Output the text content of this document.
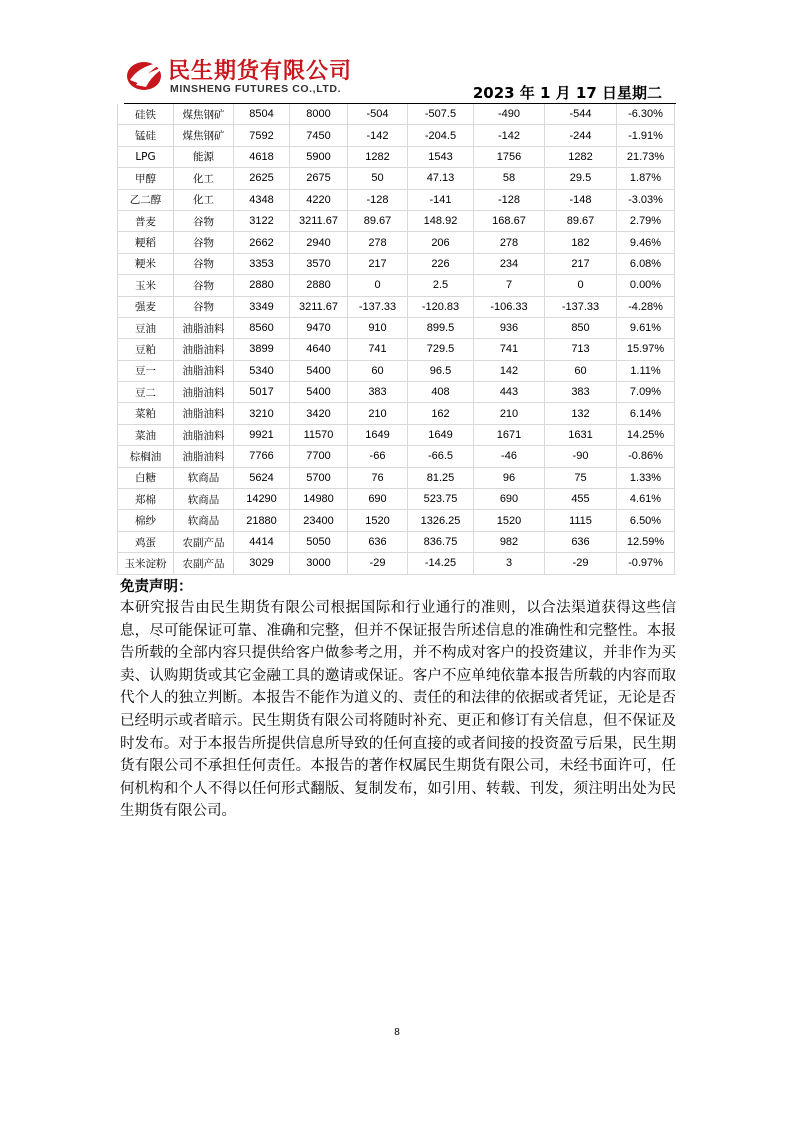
民生期货有限公司
MINSHENG FUTURES CO.,LTD.	2023 年 1 月 17 日星期二
硅铁	煤焦钢矿	8504	8000	-504	-507.5	-490	-544	-6.30%
锰硅	煤焦钢矿	7592	7450	-142	-204.5	-142	-244	-1.91%
LPG	能源	4618	5900	1282	1543	1756	1282	21.73%
甲醇	化工	2625	2675	50	47.13	58	29.5	1.87%
乙二醇	化工	4348	4220	-128	-141	-128	-148	-3.03%
普麦	谷物	3122	3211.67	89.67	148.92	168.67	89.67	2.79%
粳稻	谷物	2662	2940	278	206	278	182	9.46%
粳米	谷物	3353	3570	217	226	234	217	6.08%
玉米	谷物	2880	2880	0	2.5	7	0	0.00%
强麦	谷物	3349	3211.67	-137.33	-120.83	-106.33	-137.33	-4.28%
豆油	油脂油料	8560	9470	910	899.5	936	850	9.61%
豆粕	油脂油料	3899	4640	741	729.5	741	713	15.97%
豆一	油脂油料	5340	5400	60	96.5	142	60	1.11%
豆二	油脂油料	5017	5400	383	408	443	383	7.09%
菜粕	油脂油料	3210	3420	210	162	210	132	6.14%
菜油	油脂油料	9921	11570	1649	1649	1671	1631	14.25%
棕榈油	油脂油料	7766	7700	-66	-66.5	-46	-90	-0.86%
白糖	软商品	5624	5700	76	81.25	96	75	1.33%
郑棉	软商品	14290	14980	690	523.75	690	455	4.61%
棉纱	软商品	21880	23400	1520	1326.25	1520	1115	6.50%
鸡蛋	农副产品	4414	5050	636	836.75	982	636	12.59%
玉米淀粉	农副产品	3029	3000	-29	-14.25	3	-29	-0.97%

免责声明：

本研究报告由民生期货有限公司根据国际和行业通行的准则，以合法渠道获得这些信息，尽可能保证可靠、准确和完整，但并不保证报告所述信息的准确性和完整性。本报告所载的全部内容只提供给客户做参考之用，并不构成对客户的投资建议，并非作为买卖、认购期货或其它金融工具的邀请或保证。客户不应单纯依靠本报告所载的内容而取代个人的独立判断。本报告不能作为道义的、责任的和法律的依据或者凭证，无论是否已经明示或者暗示。民生期货有限公司将随时补充、更正和修订有关信息，但不保证及时发布。对于本报告所提供信息所导致的任何直接的或者间接的投资盈亏后果，民生期货有限公司不承担任何责任。本报告的著作权属民生期货有限公司，未经书面许可，任何机构和个人不得以任何形式翻版、复制发布，如引用、转载、刊发，须注明出处为民生期货有限公司。

8
